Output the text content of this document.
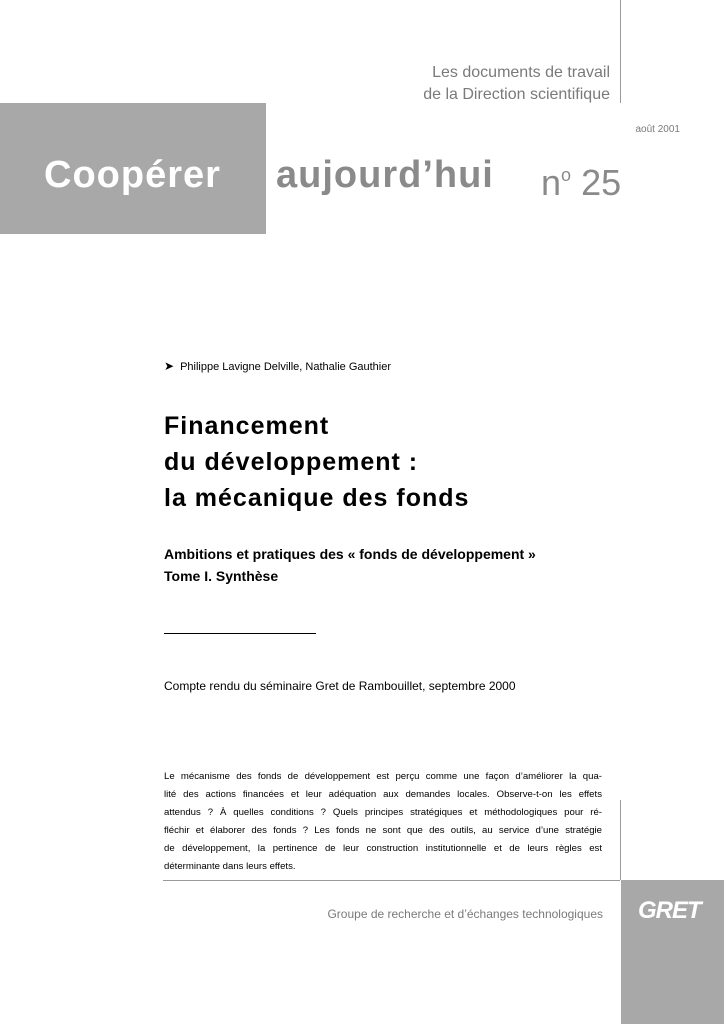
Les documents de travail
de la Direction scientifique
août 2001
Coopérer aujourd’hui $n^o$ 25
➤ Philippe Lavigne Delville, Nathalie Gauthier
Financement
du développement :
la mécanique des fonds
Ambitions et pratiques des « fonds de développement »
Tome I. Synthèse
Compte rendu du séminaire Gret de Rambouillet, septembre 2000
Le mécanisme des fonds de développement est perçu comme une façon d’améliorer la qua-
lité des actions financées et leur adéquation aux demandes locales. Observe-t-on les effets
attendus ? À quelles conditions ? Quels principes stratégiques et méthodologiques pour ré-
fléchir et élaborer des fonds ? Les fonds ne sont que des outils, au service d’une stratégie
de développement, la pertinence de leur construction institutionnelle et de leurs règles est
déterminante dans leurs effets.
Groupe de recherche et d’échanges technologiques GRET
